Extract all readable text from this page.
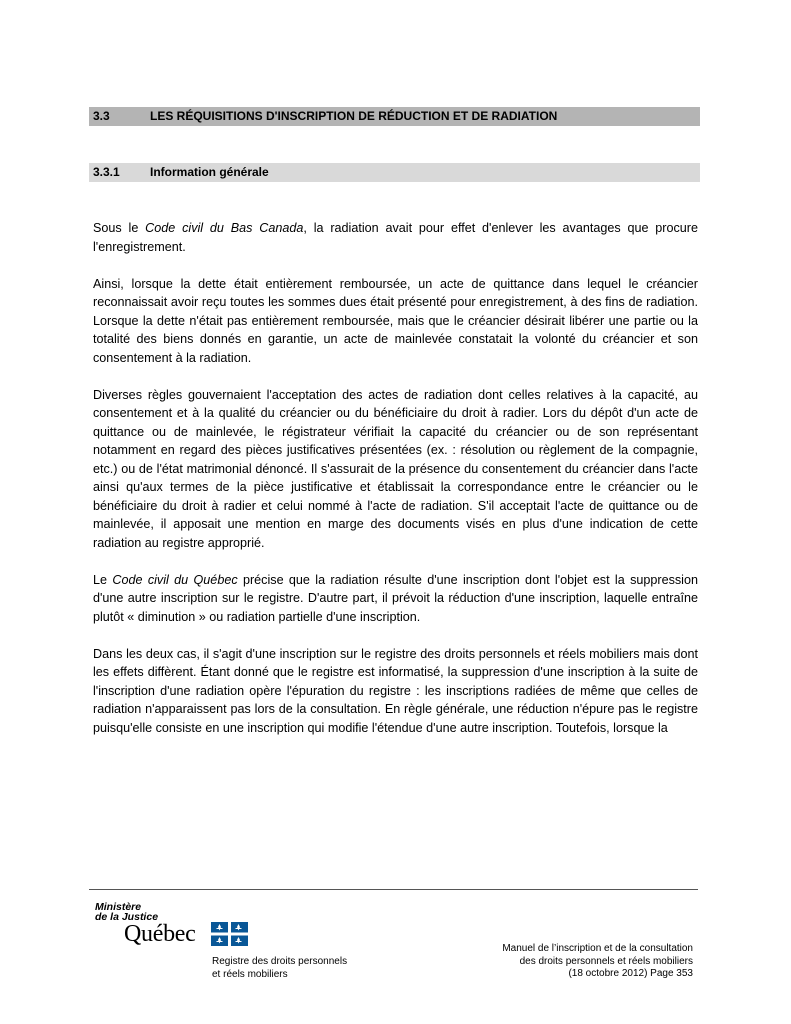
3.3	LES RÉQUISITIONS D'INSCRIPTION DE RÉDUCTION ET DE RADIATION
3.3.1	Information générale

Sous le Code civil du Bas Canada, la radiation avait pour effet d'enlever les avantages que procure l'enregistrement.

Ainsi, lorsque la dette était entièrement remboursée, un acte de quittance dans lequel le créancier reconnaissait avoir reçu toutes les sommes dues était présenté pour enregistrement, à des fins de radiation. Lorsque la dette n'était pas entièrement remboursée, mais que le créancier désirait libérer une partie ou la totalité des biens donnés en garantie, un acte de mainlevée constatait la volonté du créancier et son consentement à la radiation.

Diverses règles gouvernaient l'acceptation des actes de radiation dont celles relatives à la capacité, au consentement et à la qualité du créancier ou du bénéficiaire du droit à radier. Lors du dépôt d'un acte de quittance ou de mainlevée, le régistrateur vérifiait la capacité du créancier ou de son représentant notamment en regard des pièces justificatives présentées (ex. : résolution ou règlement de la compagnie, etc.) ou de l'état matrimonial dénoncé. Il s'assurait de la présence du consentement du créancier dans l'acte ainsi qu'aux termes de la pièce justificative et établissait la correspondance entre le créancier ou le bénéficiaire du droit à radier et celui nommé à l'acte de radiation. S'il acceptait l'acte de quittance ou de mainlevée, il apposait une mention en marge des documents visés en plus d'une indication de cette radiation au registre approprié.

Le Code civil du Québec précise que la radiation résulte d'une inscription dont l'objet est la suppression d'une autre inscription sur le registre. D'autre part, il prévoit la réduction d'une inscription, laquelle entraîne plutôt « diminution » ou radiation partielle d'une inscription.

Dans les deux cas, il s'agit d'une inscription sur le registre des droits personnels et réels mobiliers mais dont les effets diffèrent. Étant donné que le registre est informatisé, la suppression d'une inscription à la suite de l'inscription d'une radiation opère l'épuration du registre : les inscriptions radiées de même que celles de radiation n'apparaissent pas lors de la consultation. En règle générale, une réduction n'épure pas le registre puisqu'elle consiste en une inscription qui modifie l'étendue d'une autre inscription. Toutefois, lorsque la

Ministère
de la Justice
Québec
Registre des droits personnels
et réels mobiliers
Manuel de l’inscription et de la consultation
des droits personnels et réels mobiliers
(18 octobre 2012) Page 353
